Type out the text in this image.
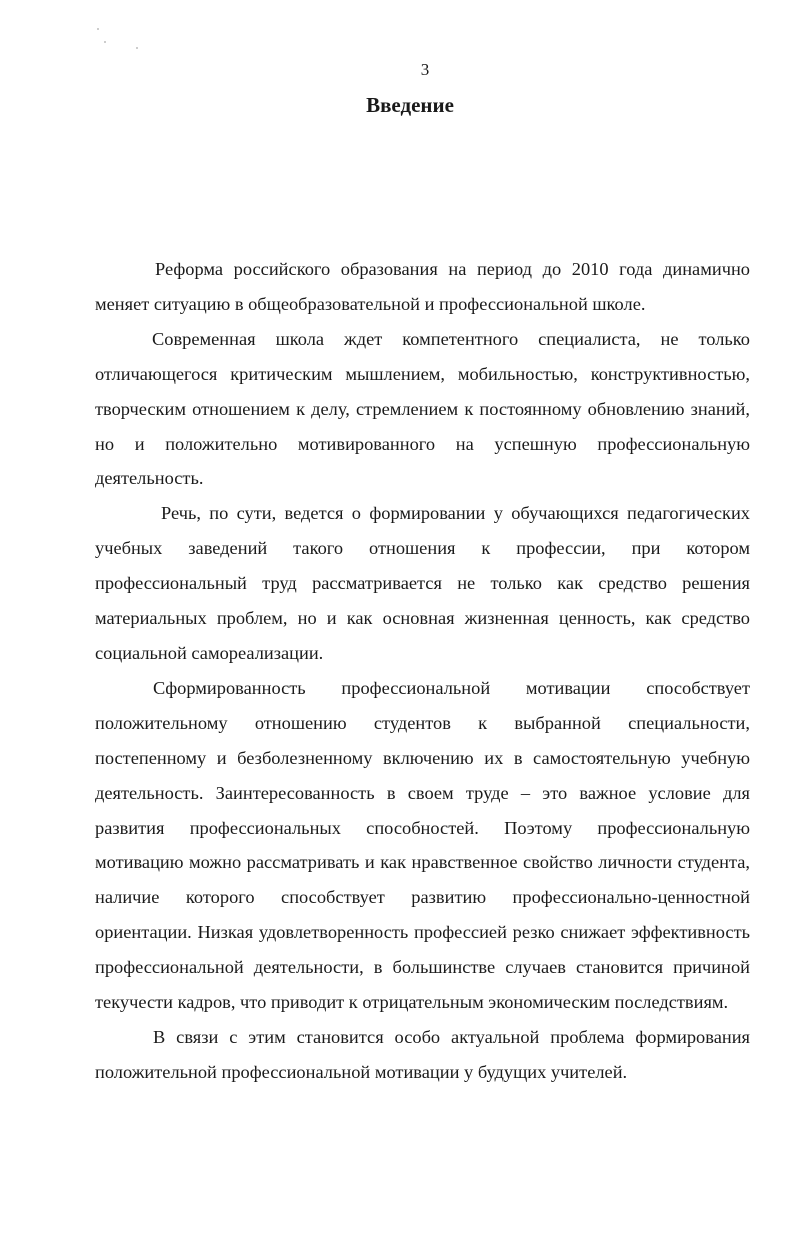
3
Введение

Реформа российского образования на период до 2010 года динамично меняет ситуацию в общеобразовательной и профессиональной школе.

Современная школа ждет компетентного специалиста, не только отличающегося критическим мышлением, мобильностью, конструктивностью, творческим отношением к делу, стремлением к постоянному обновлению знаний, но и положительно мотивированного на успешную профессиональную деятельность.

Речь, по сути, ведется о формировании у обучающихся педагогических учебных заведений такого отношения к профессии, при котором профессиональный труд рассматривается не только как средство решения материальных проблем, но и как основная жизненная ценность, как средство социальной самореализации.

Сформированность профессиональной мотивации способствует положительному отношению студентов к выбранной специальности, постепенному и безболезненному включению их в самостоятельную учебную деятельность. Заинтересованность в своем труде – это важное условие для развития профессиональных способностей. Поэтому профессиональную мотивацию можно рассматривать и как нравственное свойство личности студента, наличие которого способствует развитию профессионально-ценностной ориентации. Низкая удовлетворенность профессией резко снижает эффективность профессиональной деятельности, в большинстве случаев становится причиной текучести кадров, что приводит к отрицательным экономическим последствиям.

В связи с этим становится особо актуальной проблема формирования положительной профессиональной мотивации у будущих учителей.
